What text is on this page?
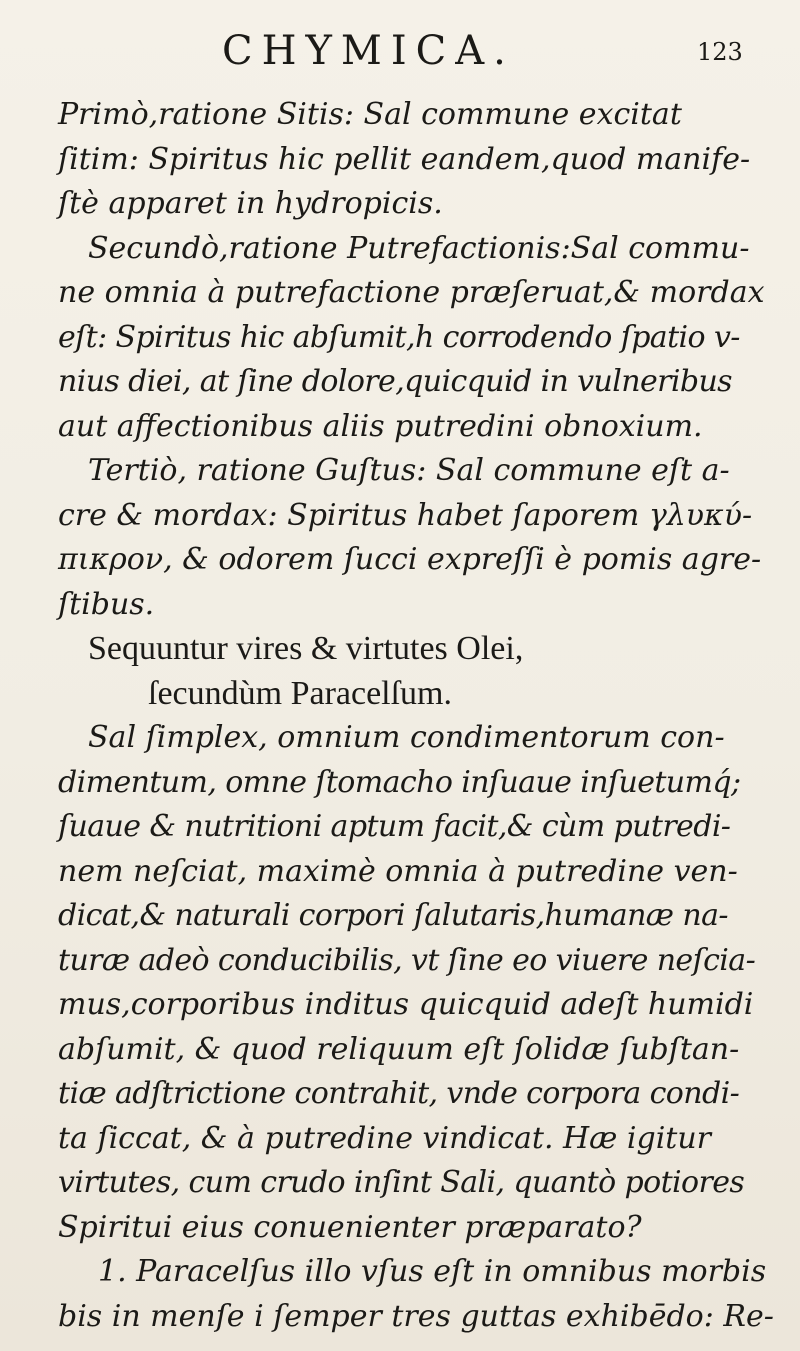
CHYMICA.	123
Primò,ratione Sitis: Sal commune excitat
ſitim: Spiritus hic pellit eandem,quod manife-
ſtè apparet in hydropicis.
Secundò,ratione Putrefactionis:Sal commu-
ne omnia à putrefactione præſeruat,& mordax
eſt: Spiritus hic abſumit,h corrodendo ſpatio v-
nius diei, at ſine dolore,quicquid in vulneribus
aut affectionibus aliis putredini obnoxium.
Tertiò, ratione Guſtus: Sal commune eſt a-
cre & mordax: Spiritus habet ſaporem γλυκύ-
πικρον, & odorem ſucci expreſſi è pomis agre-
ſtibus.
Sequuntur vires & virtutes Olei,
ſecundùm Paracelſum.
Sal ſimplex, omnium condimentorum con-
dimentum, omne ſtomacho inſuaue inſuetumq́;
ſuaue & nutritioni aptum facit,& cùm putredi-
nem neſciat, maximè omnia à putredine ven-
dicat,& naturali corpori ſalutaris,humanæ na-
turæ adeò conducibilis, vt ſine eo viuere neſcia-
mus,corporibus inditus quicquid adeſt humidi
abſumit, & quod reliquum eſt ſolidæ ſubſtan-
tiæ adſtrictione contrahit, vnde corpora condi-
ta ſiccat, & à putredine vindicat. Hæ igitur
virtutes, cum crudo inſint Sali, quantò potiores
Spiritui eius conuenienter præparato?
1. Paracelſus illo vſus eſt in omnibus morbis
bis in menſe i ſemper tres guttas exhibēdo: Re-
